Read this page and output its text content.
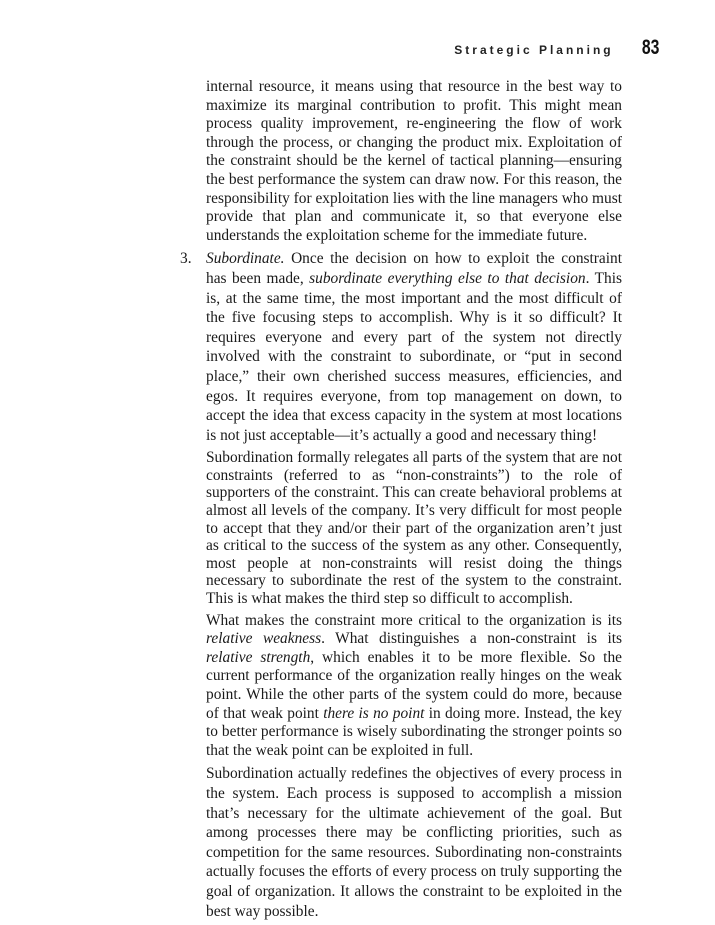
Strategic Planning 83

internal resource, it means using that resource in the best way to maximize its marginal contribution to profit. This might mean process quality improvement, re-engineering the flow of work through the process, or changing the product mix. Exploitation of the constraint should be the kernel of tactical planning—ensuring the best performance the system can draw now. For this reason, the responsibility for exploitation lies with the line managers who must provide that plan and communicate it, so that everyone else understands the exploitation scheme for the immediate future.

3. Subordinate. Once the decision on how to exploit the constraint has been made, subordinate everything else to that decision. This is, at the same time, the most important and the most difficult of the five focusing steps to accomplish. Why is it so difficult? It requires everyone and every part of the system not directly involved with the constraint to subordinate, or “put in second place,” their own cherished success measures, efficiencies, and egos. It requires everyone, from top management on down, to accept the idea that excess capacity in the system at most locations is not just acceptable—it’s actually a good and necessary thing!

Subordination formally relegates all parts of the system that are not constraints (referred to as “non-constraints”) to the role of supporters of the constraint. This can create behavioral problems at almost all levels of the company. It’s very difficult for most people to accept that they and/or their part of the organization aren’t just as critical to the success of the system as any other. Consequently, most people at non-constraints will resist doing the things necessary to subordinate the rest of the system to the constraint. This is what makes the third step so difficult to accomplish.

What makes the constraint more critical to the organization is its relative weakness. What distinguishes a non-constraint is its relative strength, which enables it to be more flexible. So the current performance of the organization really hinges on the weak point. While the other parts of the system could do more, because of that weak point there is no point in doing more. Instead, the key to better performance is wisely subordinating the stronger points so that the weak point can be exploited in full.

Subordination actually redefines the objectives of every process in the system. Each process is supposed to accomplish a mission that’s necessary for the ultimate achievement of the goal. But among processes there may be conflicting priorities, such as competition for the same resources. Subordinating non-constraints actually focuses the efforts of every process on truly supporting the goal of organization. It allows the constraint to be exploited in the best way possible.
